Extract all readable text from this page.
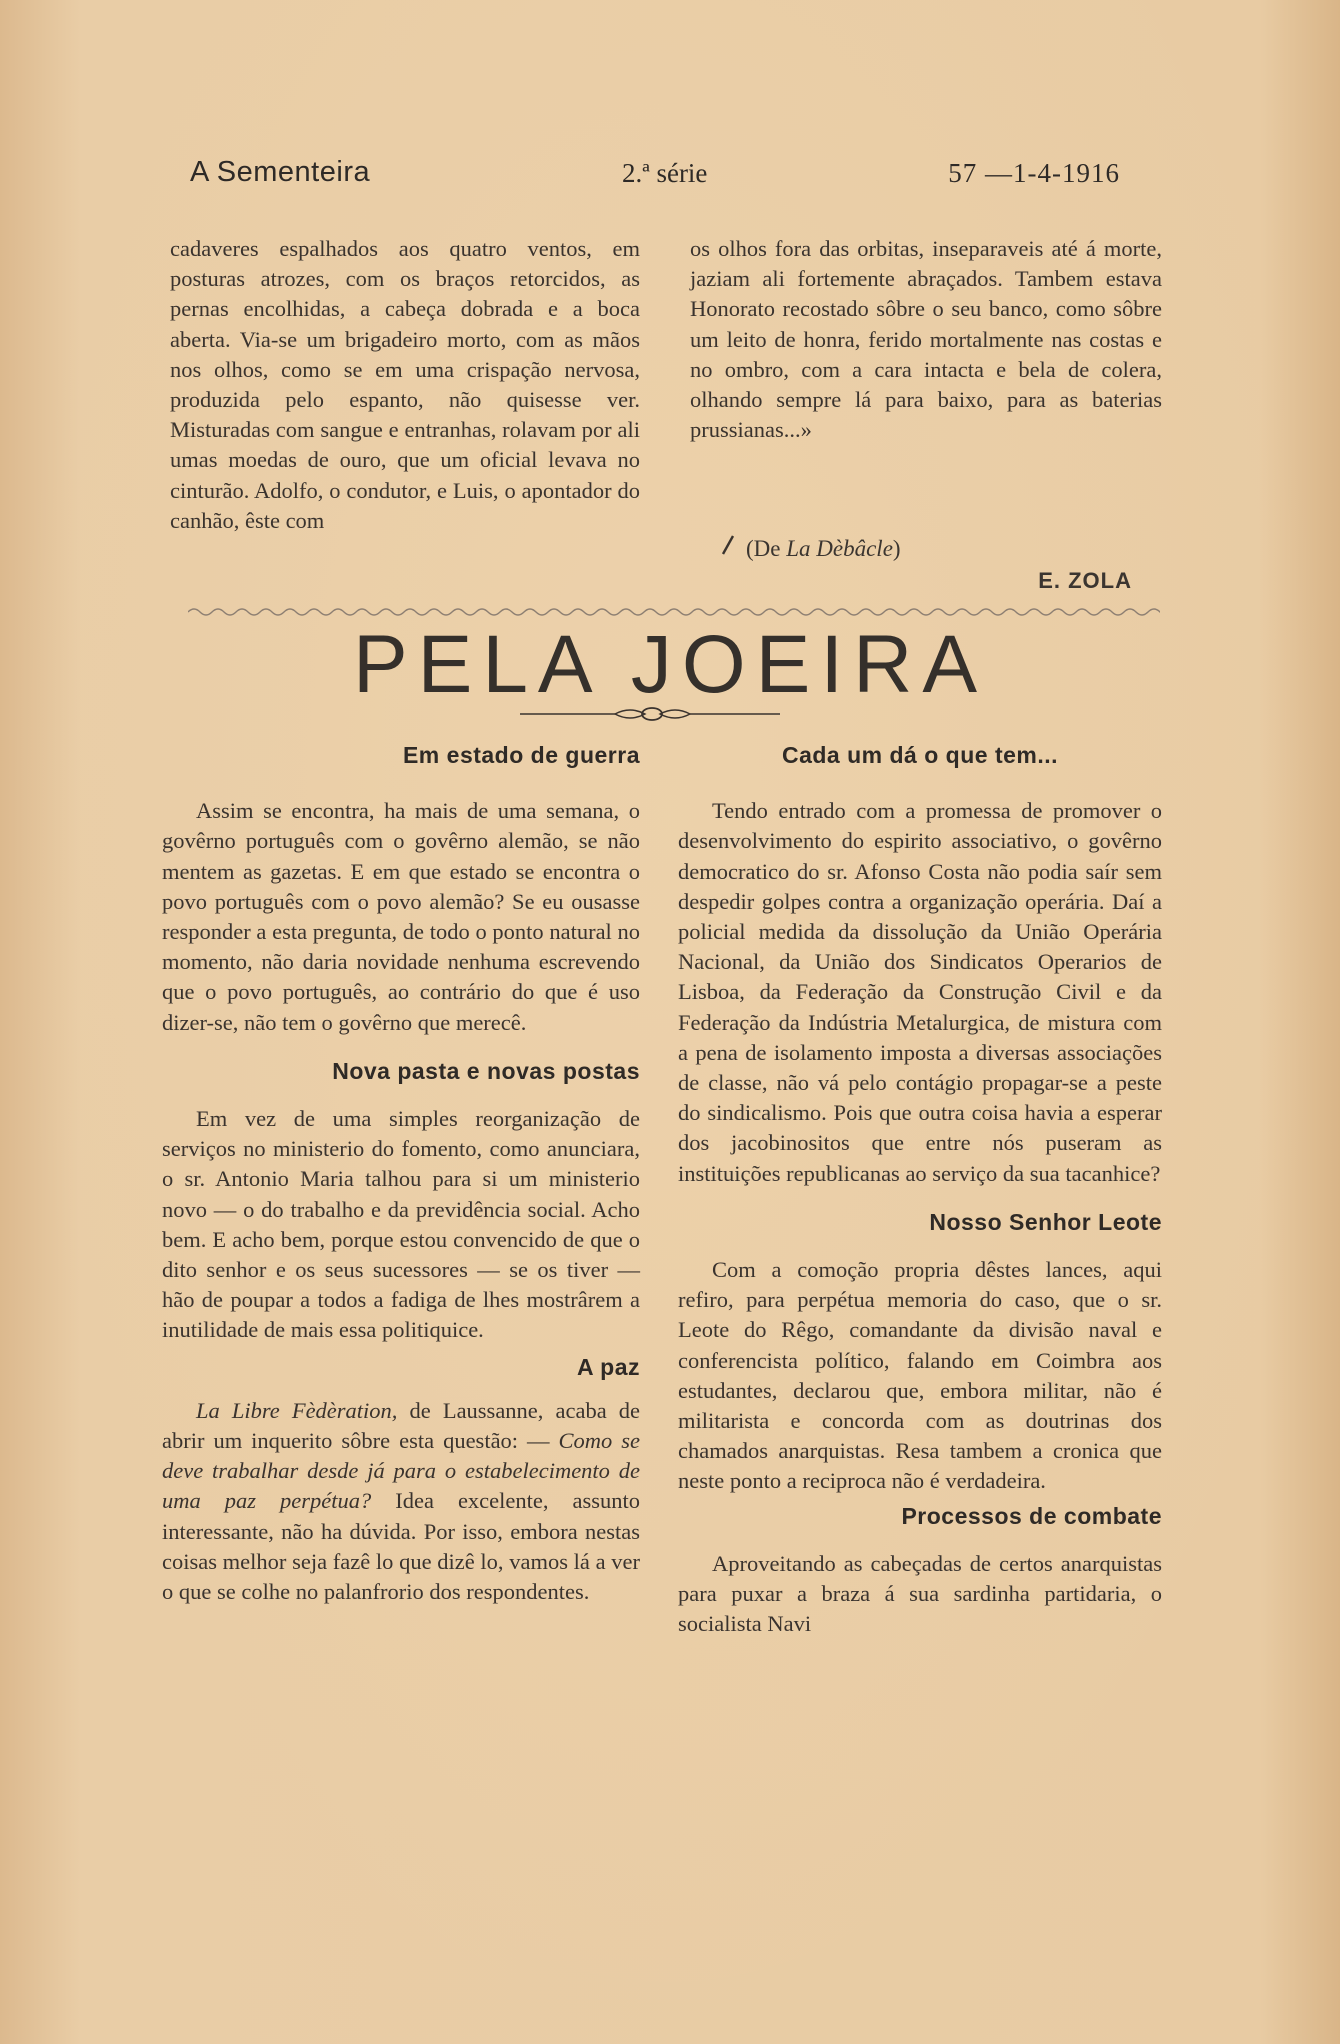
A Sementeira	2.ª série	57 —1-4-1916

cadaveres espalhados aos quatro ventos, em posturas atrozes, com os braços retorcidos, as pernas encolhidas, a cabeça dobrada e a boca aberta. Via-se um brigadeiro morto, com as mãos nos olhos, como se em uma crispação nervosa, produzida pelo espanto, não quisesse ver. Misturadas com sangue e entranhas, rolavam por ali umas moedas de ouro, que um oficial levava no cinturão. Adolfo, o condutor, e Luis, o apontador do canhão, êste com

os olhos fora das orbitas, inseparaveis até á morte, jaziam ali fortemente abraçados. Tambem estava Honorato recostado sôbre o seu banco, como sôbre um leito de honra, ferido mortalmente nas costas e no ombro, com a cara intacta e bela de colera, olhando sempre lá para baixo, para as baterias prussianas...»

(De La Dèbâcle)
E. ZOLA
PELA JOEIRA
Em estado de guerra

Assim se encontra, ha mais de uma semana, o govêrno português com o govêrno alemão, se não mentem as gazetas. E em que estado se encontra o povo português com o povo alemão? Se eu ousasse responder a esta pregunta, de todo o ponto natural no momento, não daria novidade nenhuma escrevendo que o povo português, ao contrário do que é uso dizer-se, não tem o govêrno que merecê.

Nova pasta e novas postas

Em vez de uma simples reorganização de serviços no ministerio do fomento, como anunciara, o sr. Antonio Maria talhou para si um ministerio novo — o do trabalho e da previdência social. Acho bem. E acho bem, porque estou convencido de que o dito senhor e os seus sucessores — se os tiver — hão de poupar a todos a fadiga de lhes mostrârem a inutilidade de mais essa politiquice.

A paz

La Libre Fèdèration, de Laussanne, acaba de abrir um inquerito sôbre esta questão: — Como se deve trabalhar desde já para o estabelecimento de uma paz perpétua? Idea excelente, assunto interessante, não ha dúvida. Por isso, embora nestas coisas melhor seja fazê lo que dizê lo, vamos lá a ver o que se colhe no palanfrorio dos respondentes.

Cada um dá o que tem...

Tendo entrado com a promessa de promover o desenvolvimento do espirito associativo, o govêrno democratico do sr. Afonso Costa não podia saír sem despedir golpes contra a organização operária. Daí a policial medida da dissolução da União Operária Nacional, da União dos Sindicatos Operarios de Lisboa, da Federação da Construção Civil e da Federação da Indústria Metalurgica, de mistura com a pena de isolamento imposta a diversas associações de classe, não vá pelo contágio propagar-se a peste do sindicalismo. Pois que outra coisa havia a esperar dos jacobinositos que entre nós puseram as instituições republicanas ao serviço da sua tacanhice?

Nosso Senhor Leote

Com a comoção propria dêstes lances, aqui refiro, para perpétua memoria do caso, que o sr. Leote do Rêgo, comandante da divisão naval e conferencista político, falando em Coimbra aos estudantes, declarou que, embora militar, não é militarista e concorda com as doutrinas dos chamados anarquistas. Resa tambem a cronica que neste ponto a reciproca não é verdadeira.

Processos de combate

Aproveitando as cabeçadas de certos anarquistas para puxar a braza á sua sardinha partidaria, o socialista Navi
